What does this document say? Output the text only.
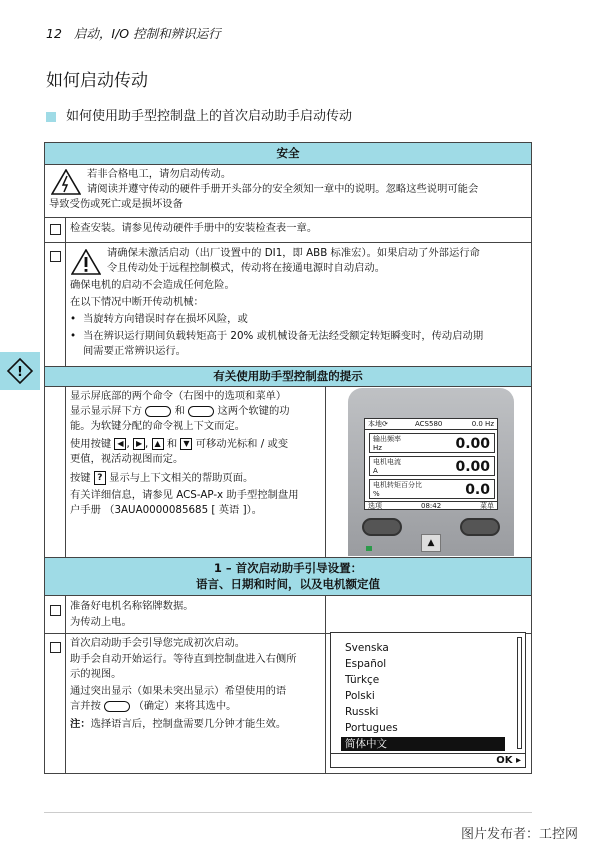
12 启动，I/O 控制和辨识运行
如何启动传动
如何使用助手型控制盘上的首次启动助手启动传动
!
安全
若非合格电工，请勿启动传动。
请阅读并遵守传动的硬件手册开头部分的安全须知一章中的说明。忽略这些说明可能会
导致受伤或死亡或是损坏设备
检查安装。请参见传动硬件手册中的安装检查表一章。
请确保未激活启动（出厂设置中的 DI1，即 ABB 标准宏）。如果启动了外部运行命
令且传动处于远程控制模式，传动将在接通电源时自动启动。
确保电机的启动不会造成任何危险。
在以下情况中断开传动机械：
• 当旋转方向错误时存在损坏风险，或
• 当在辨识运行期间负载转矩高于 20% 或机械设备无法经受额定转矩瞬变时，传动启动期
间需要正常辨识运行。
有关使用助手型控制盘的提示
显示屏底部的两个命令（右图中的选项和菜单）
显示显示屏下方	和	这两个软键的功
能。为软键分配的命令视上下文而定。
使用按键 ◀ , ▶ , ▲ 和 ▼ 可移动光标和 / 或变
更值，视活动视图而定。
按键 ? 显示与上下文相关的帮助页面。
有关详细信息，请参见 ACS-AP-x 助手型控制盘用
户手册 （3AUA0000085685 [ 英语 ]）。
1 – 首次启动助手引导设置：
语言、日期和时间，以及电机额定值
准备好电机名称铭牌数据。
为传动上电。
首次启动助手会引导您完成初次启动。
助手会自动开始运行。等待直到控制盘进入右侧所
示的视图。
通过突出显示（如果未突出显示）希望使用的语
言并按	（确定）来将其选中。
注：选择语言后，控制盘需要几分钟才能生效。
本地⟳	ACS580	0.0 Hz
输出频率
Hz	0.00
电机电流
A	0.00
电机转矩百分比
%	0.0
选项	08:42	菜单
▲
Svenska
Español
Türkçe
Polski
Russki
Portugues
简体中文
OK ▸
图片发布者：工控网
